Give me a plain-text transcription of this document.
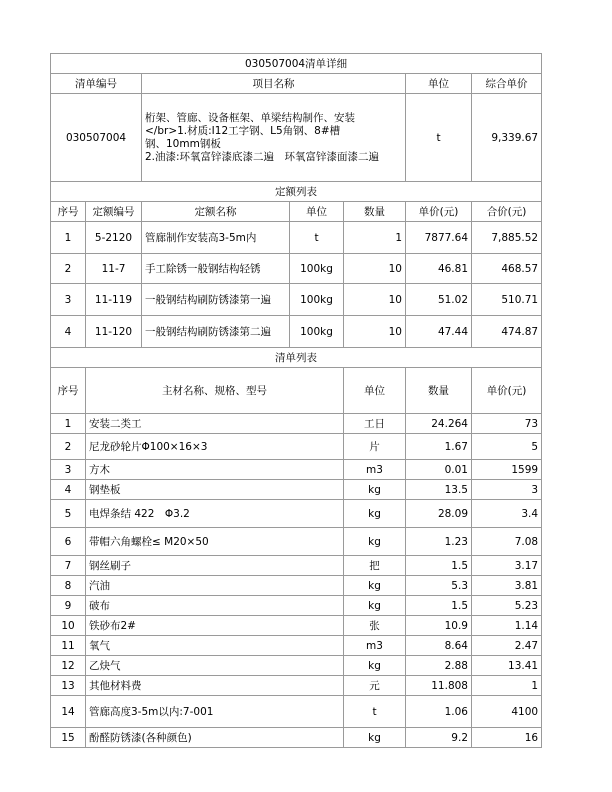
030507004清单详细							
清单编号		项目名称			单位	综合单价	
030507004		桁架、管廊、设备框架、单梁结构制作、安装
</br>1.材质:I12工字钢、L5角钢、8#槽
钢、10mm钢板
2.油漆:环氧富锌漆底漆二遍　环氧富锌漆面漆二遍			t	9,339.67	
定额列表							
序号	定额编号	定额名称	单位	数量	单价(元)	合价(元)	
1	5-2120	管廊制作安装高3-5m内	t	1	7877.64	7,885.52	
2	11-7	手工除锈一般钢结构轻锈	100kg	10	46.81	468.57	
3	11-119	一般钢结构刷防锈漆第一遍	100kg	10	51.02	510.71	
4	11-120	一般钢结构刷防锈漆第二遍	100kg	10	47.44	474.87	
清单列表							
序号	主材名称、规格、型号			单位	数量	单价(元)	
1	安装二类工			工日	24.264	73	
2	尼龙砂轮片Φ100×16×3			片	1.67	5	
3	方木			m3	0.01	1599	
4	钢垫板			kg	13.5	3	
5	电焊条结 422　Φ3.2			kg	28.09	3.4	
6	带帽六角螺栓≤ M20×50			kg	1.23	7.08	
7	钢丝刷子			把	1.5	3.17	
8	汽油			kg	5.3	3.81	
9	破布			kg	1.5	5.23	
10	铁砂布2#			张	10.9	1.14	
11	氧气			m3	8.64	2.47	
12	乙炔气			kg	2.88	13.41	
13	其他材料费			元	11.808	1	
14	管廊高度3-5m以内:7-001			t	1.06	4100	
15	酚醛防锈漆(各种颜色)			kg	9.2	16	
